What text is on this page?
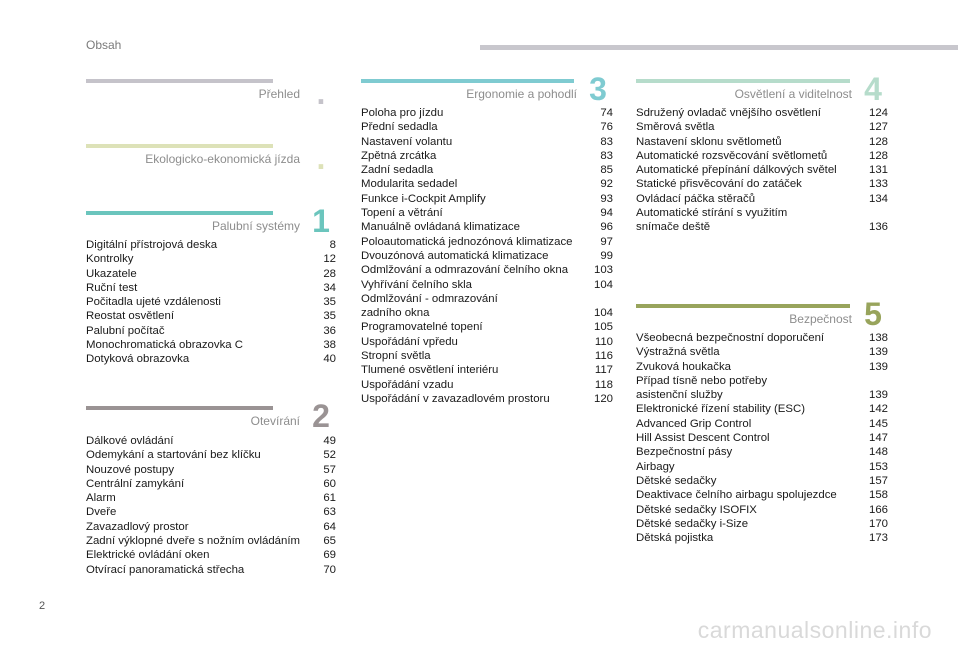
Obsah
Přehled .
Ekologicko-ekonomická jízda .
Palubní systémy 1
Digitální přístrojová deska	8
Kontrolky	12
Ukazatele	28
Ruční test	34
Počitadla ujeté vzdálenosti	35
Reostat osvětlení	35
Palubní počítač	36
Monochromatická obrazovka C	38
Dotyková obrazovka	40
Otevírání 2
Dálkové ovládání	49
Odemykání a startování bez klíčku	52
Nouzové postupy	57
Centrální zamykání	60
Alarm	61
Dveře	63
Zavazadlový prostor	64
Zadní výklopné dveře s nožním ovládáním	65
Elektrické ovládání oken	69
Otvírací panoramatická střecha	70
Ergonomie a pohodlí 3
Poloha pro jízdu	74
Přední sedadla	76
Nastavení volantu	83
Zpětná zrcátka	83
Zadní sedadla	85
Modularita sedadel	92
Funkce i-Cockpit Amplify	93
Topení a větrání	94
Manuálně ovládaná klimatizace	96
Poloautomatická jednozónová klimatizace	97
Dvouzónová automatická klimatizace	99
Odmlžování a odmrazování čelního okna	103
Vyhřívání čelního skla	104
Odmlžování - odmrazování
zadního okna	104
Programovatelné topení	105
Uspořádání vpředu	110
Stropní světla	116
Tlumené osvětlení interiéru	117
Uspořádání vzadu	118
Uspořádání v zavazadlovém prostoru	120
Osvětlení a viditelnost 4
Sdružený ovladač vnějšího osvětlení	124
Směrová světla	127
Nastavení sklonu světlometů	128
Automatické rozsvěcování světlometů	128
Automatické přepínání dálkových světel	131
Statické přisvěcování do zatáček	133
Ovládací páčka stěračů	134
Automatické stírání s využitím
snímače deště	136
Bezpečnost 5
Všeobecná bezpečnostní doporučení	138
Výstražná světla	139
Zvuková houkačka	139
Případ tísně nebo potřeby
asistenční služby	139
Elektronické řízení stability (ESC)	142
Advanced Grip Control	145
Hill Assist Descent Control	147
Bezpečnostní pásy	148
Airbagy	153
Dětské sedačky	157
Deaktivace čelního airbagu spolujezdce	158
Dětské sedačky ISOFIX	166
Dětské sedačky i-Size	170
Dětská pojistka	173
2
carmanualsonline.info
